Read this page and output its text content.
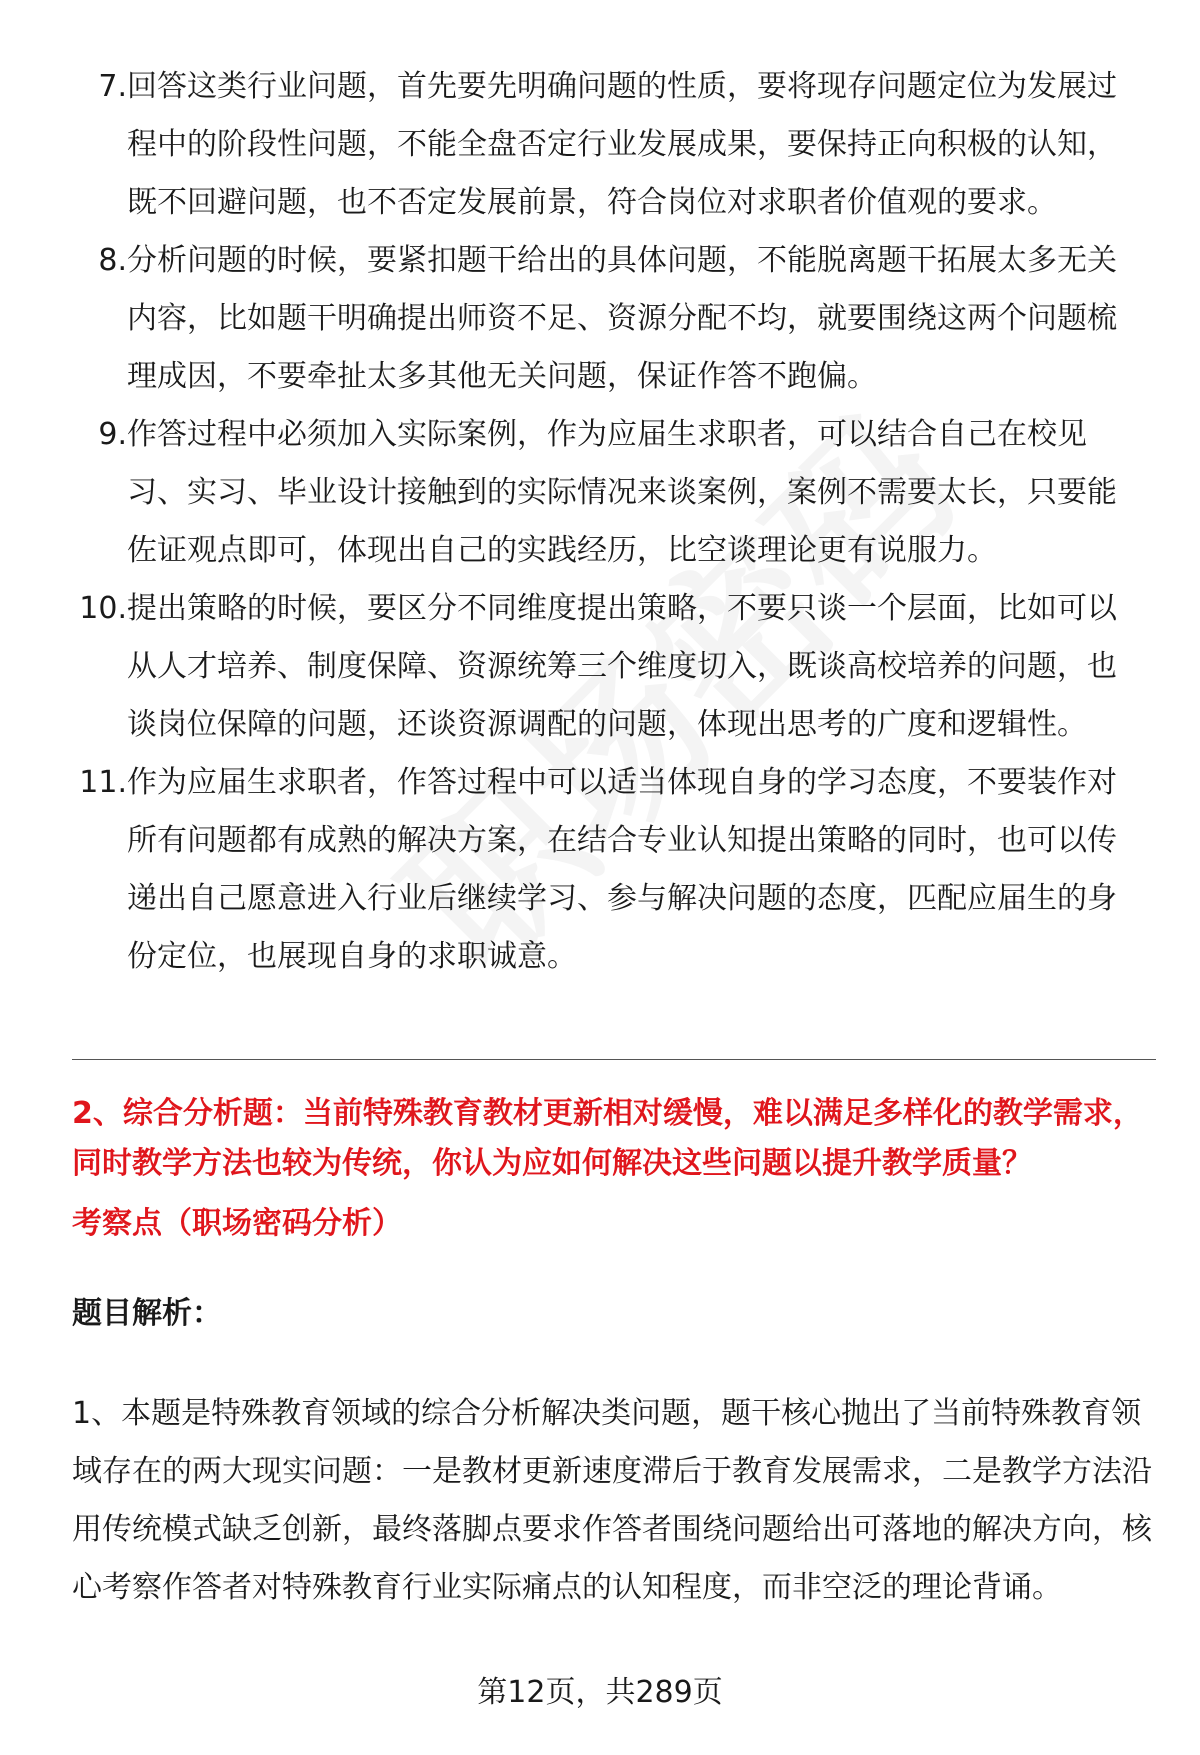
7. 回答这类行业问题，首先要先明确问题的性质，要将现存问题定位为发展过程中的阶段性问题，不能全盘否定行业发展成果，要保持正向积极的认知，既不回避问题，也不否定发展前景，符合岗位对求职者价值观的要求。
8. 分析问题的时候，要紧扣题干给出的具体问题，不能脱离题干拓展太多无关内容，比如题干明确提出师资不足、资源分配不均，就要围绕这两个问题梳理成因，不要牵扯太多其他无关问题，保证作答不跑偏。
9. 作答过程中必须加入实际案例，作为应届生求职者，可以结合自己在校见习、实习、毕业设计接触到的实际情况来谈案例，案例不需要太长，只要能佐证观点即可，体现出自己的实践经历，比空谈理论更有说服力。
10. 提出策略的时候，要区分不同维度提出策略，不要只谈一个层面，比如可以从人才培养、制度保障、资源统筹三个维度切入，既谈高校培养的问题，也谈岗位保障的问题，还谈资源调配的问题，体现出思考的广度和逻辑性。
11. 作为应届生求职者，作答过程中可以适当体现自身的学习态度，不要装作对所有问题都有成熟的解决方案，在结合专业认知提出策略的同时，也可以传递出自己愿意进入行业后继续学习、参与解决问题的态度，匹配应届生的身份定位，也展现自身的求职诚意。
2、综合分析题：当前特殊教育教材更新相对缓慢，难以满足多样化的教学需求，同时教学方法也较为传统，你认为应如何解决这些问题以提升教学质量？
考察点（职场密码分析）
题目解析：
1、本题是特殊教育领域的综合分析解决类问题，题干核心抛出了当前特殊教育领域存在的两大现实问题：一是教材更新速度滞后于教育发展需求，二是教学方法沿用传统模式缺乏创新，最终落脚点要求作答者围绕问题给出可落地的解决方向，核心考察作答者对特殊教育行业实际痛点的认知程度，而非空泛的理论背诵。
第12页，共289页
